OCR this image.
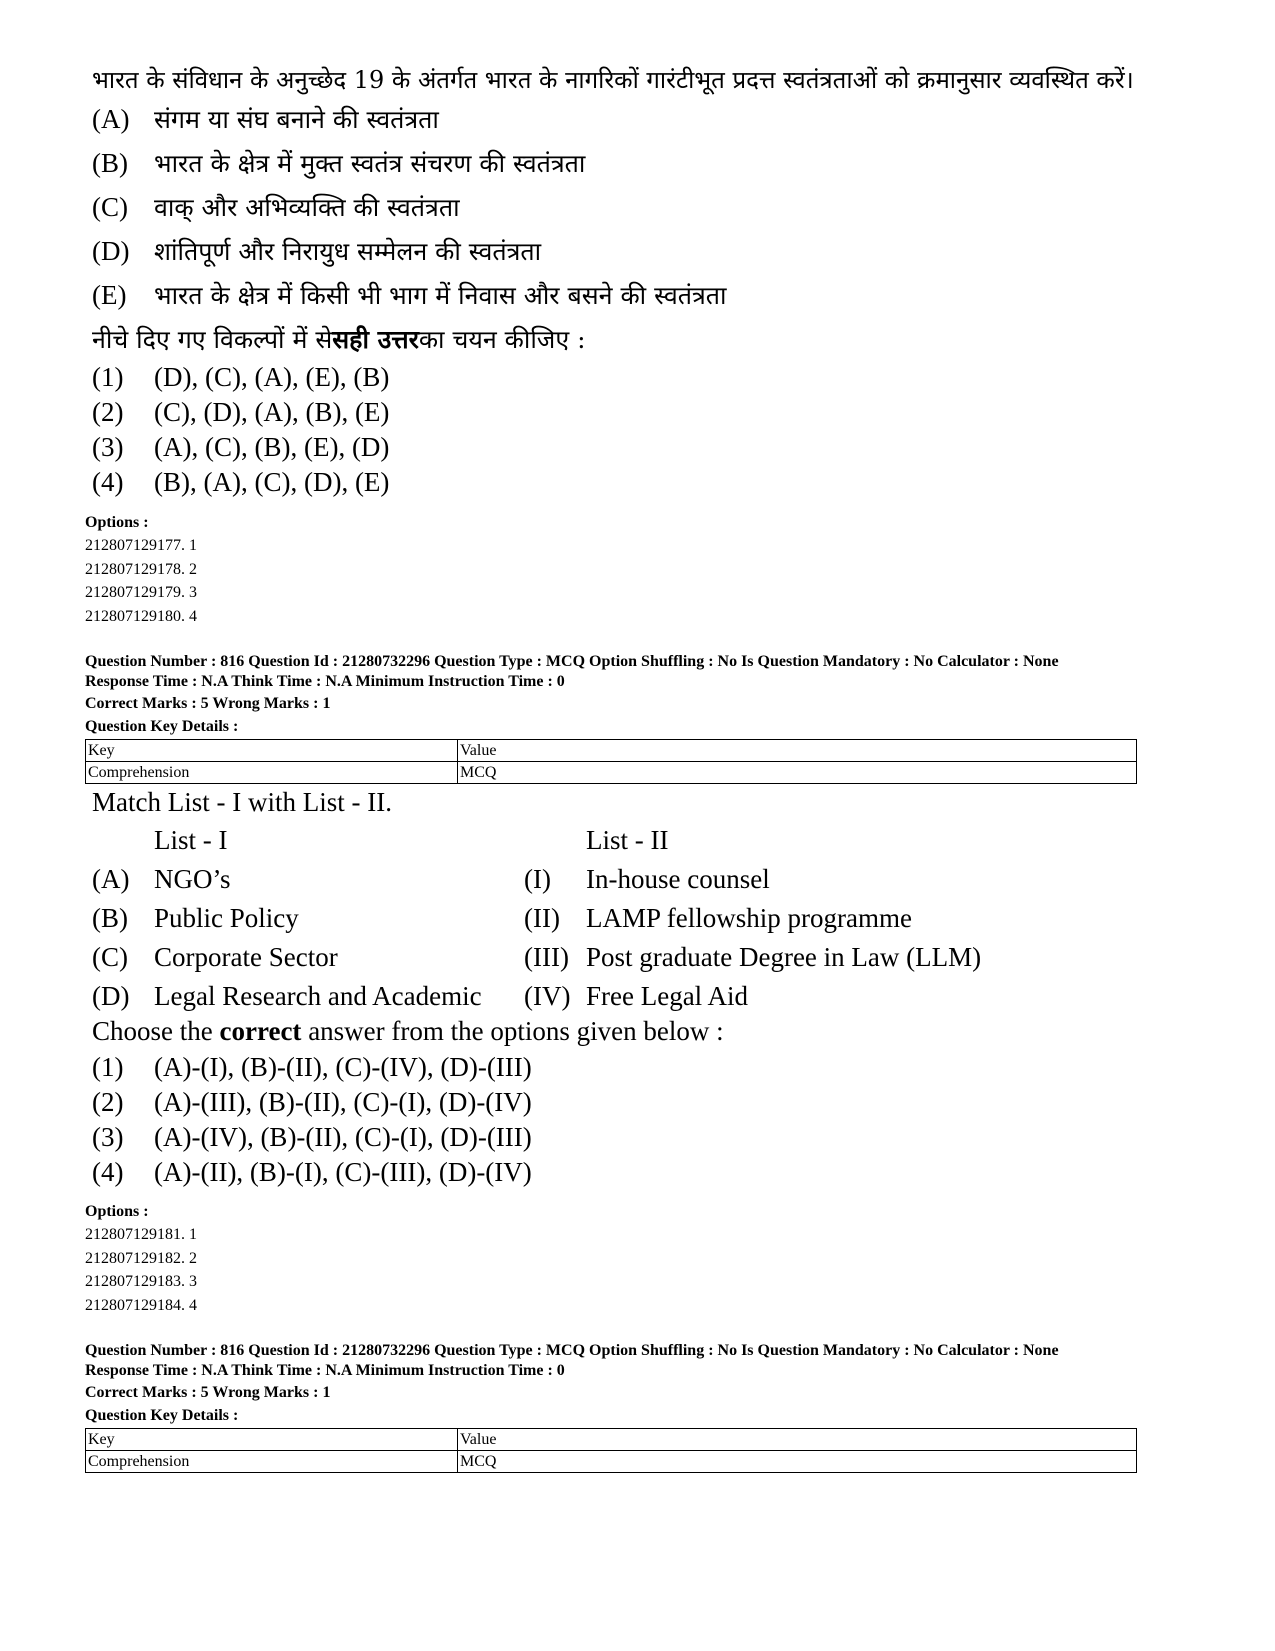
भारत के संविधान के अनुच्छेद 19 के अंतर्गत भारत के नागरिकों गारंटीभूत प्रदत्त स्वतंत्रताओं को क्रमानुसार व्यवस्थित करें।

(A) संगम या संघ बनाने की स्वतंत्रता
(B)	भारत के क्षेत्र में मुक्त स्वतंत्र संचरण की स्वतंत्रता
(C)	वाक् और अभिव्यक्ति की स्वतंत्रता
(D) शांतिपूर्ण और निरायुध सम्मेलन की स्वतंत्रता
(E)	भारत के क्षेत्र में किसी भी भाग में निवास और बसने की स्वतंत्रता
नीचे दिए गए विकल्पों में से सही उत्तर का चयन कीजिए :
(1)	(D), (C), (A), (E), (B)
(2)	(C), (D), (A), (B), (E)
(3)	(A), (C), (B), (E), (D)
(4)	(B), (A), (C), (D), (E)
Options :
212807129177. 1
212807129178. 2
212807129179. 3
212807129180. 4
Question Number : 816 Question Id : 21280732296 Question Type : MCQ Option Shuffling : No Is Question Mandatory : No Calculator : None
Response Time : N.A Think Time : N.A Minimum Instruction Time : 0
Correct Marks : 5 Wrong Marks : 1
Question Key Details :
Key	Value
Comprehension	MCQ
Match List - I with List - II.
List - I	List - II
(A) NGO’s	(I)	In-house counsel
(B) Public Policy	(II) LAMP fellowship programme
(C) Corporate Sector	(III) Post graduate Degree in Law (LLM)
(D) Legal Research and Academic	(IV) Free Legal Aid
Choose the
correct
answer from the options given below :
(1)	(A)-(I), (B)-(II), (C)-(IV), (D)-(III)
(2)	(A)-(III), (B)-(II), (C)-(I), (D)-(IV)
(3)	(A)-(IV), (B)-(II), (C)-(I), (D)-(III)
(4)	(A)-(II), (B)-(I), (C)-(III), (D)-(IV)
Options :
212807129181. 1
212807129182. 2
212807129183. 3
212807129184. 4
Question Number : 816 Question Id : 21280732296 Question Type : MCQ Option Shuffling : No Is Question Mandatory : No Calculator : None
Response Time : N.A Think Time : N.A Minimum Instruction Time : 0
Correct Marks : 5 Wrong Marks : 1
Question Key Details :
Key	Value
Comprehension	MCQ
